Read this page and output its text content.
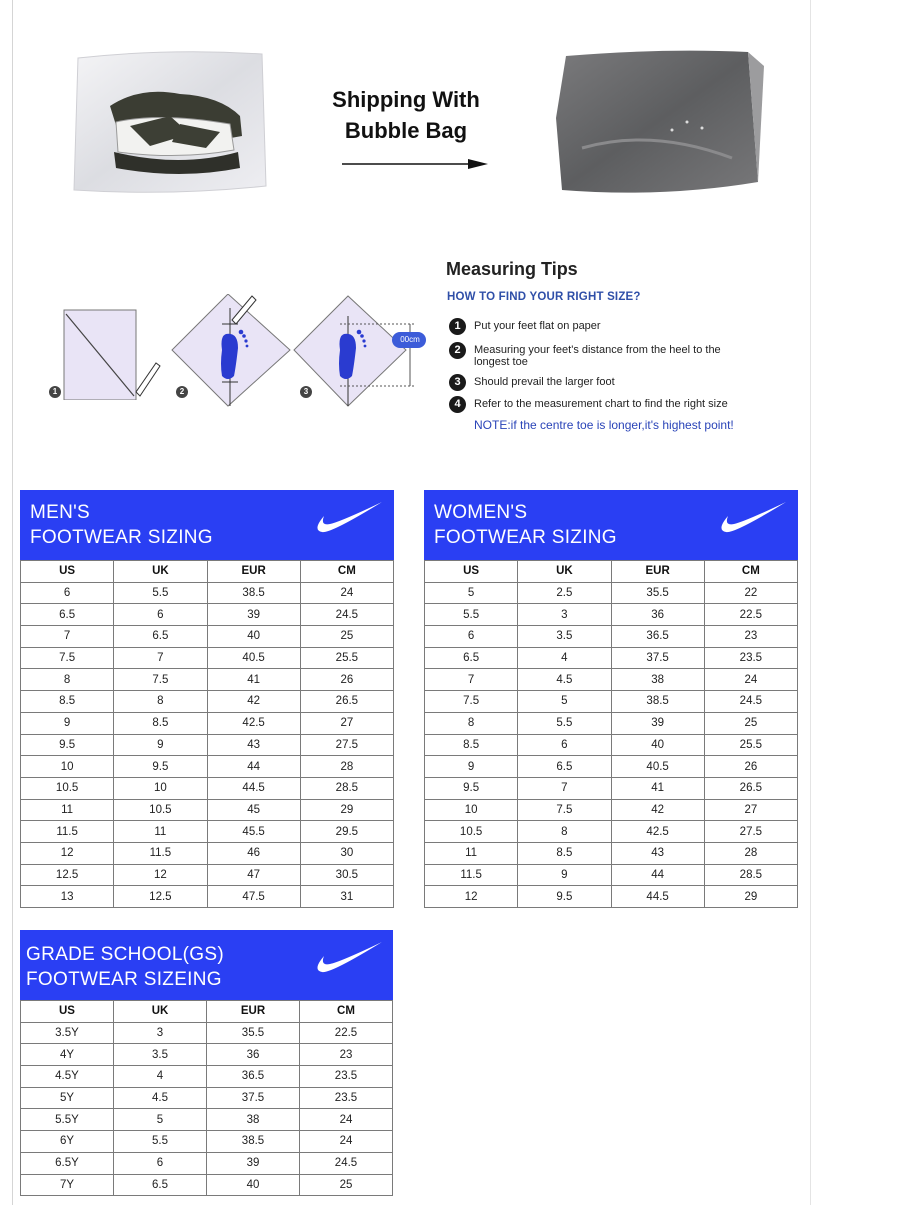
Shipping With
Bubble Bag
1	2
00cm
3
Measuring Tips
HOW TO FIND YOUR RIGHT SIZE?
1	Put your feet flat on paper
2	Measuring your feet's distance from the heel to the longest toe
3	Should prevail the larger foot
4	Refer to the measurement chart to find the right size
NOTE:if the centre toe is longer,it's highest point!
MEN'S
FOOTWEAR SIZING
US	UK	EUR	CM
6	5.5	38.5	24
6.5	6	39	24.5
7	6.5	40	25
7.5	7	40.5	25.5
8	7.5	41	26
8.5	8	42	26.5
9	8.5	42.5	27
9.5	9	43	27.5
10	9.5	44	28
10.5	10	44.5	28.5
11	10.5	45	29
11.5	11	45.5	29.5
12	11.5	46	30
12.5	12	47	30.5
13	12.5	47.5	31
WOMEN'S
FOOTWEAR SIZING
US	UK	EUR	CM
5	2.5	35.5	22
5.5	3	36	22.5
6	3.5	36.5	23
6.5	4	37.5	23.5
7	4.5	38	24
7.5	5	38.5	24.5
8	5.5	39	25
8.5	6	40	25.5
9	6.5	40.5	26
9.5	7	41	26.5
10	7.5	42	27
10.5	8	42.5	27.5
11	8.5	43	28
11.5	9	44	28.5
12	9.5	44.5	29
GRADE SCHOOL(GS)
FOOTWEAR SIZEING
US	UK	EUR	CM
3.5Y	3	35.5	22.5
4Y	3.5	36	23
4.5Y	4	36.5	23.5
5Y	4.5	37.5	23.5
5.5Y	5	38	24
6Y	5.5	38.5	24
6.5Y	6	39	24.5
7Y	6.5	40	25
